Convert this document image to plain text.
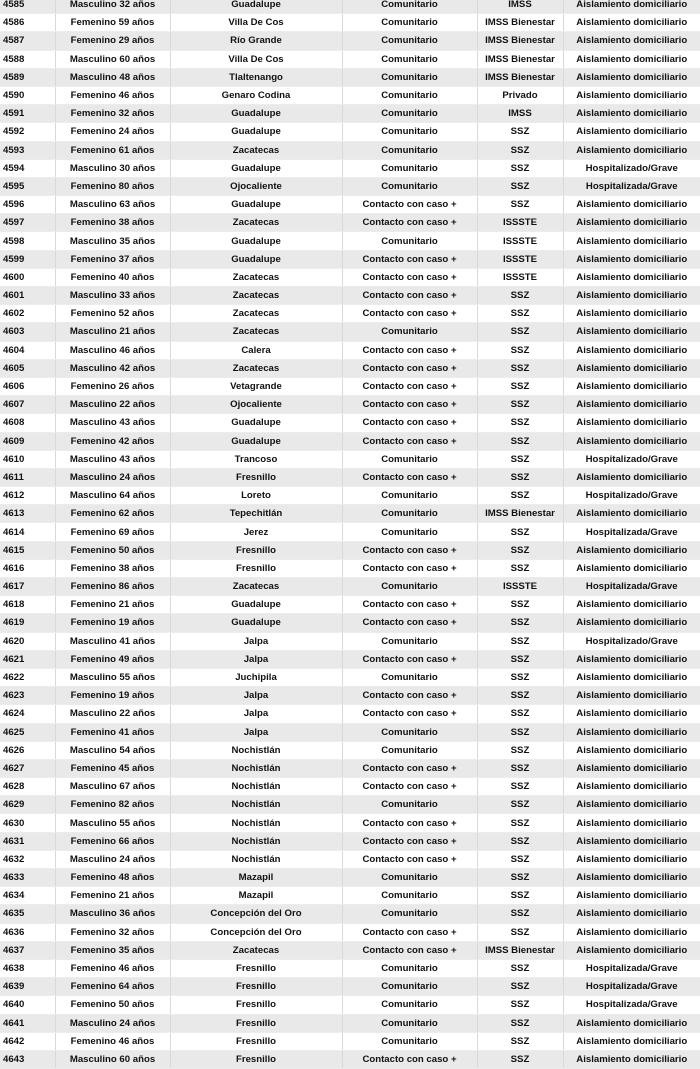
4585	Masculino 32 años	Guadalupe	Comunitario	IMSS	Aislamiento domiciliario
4586	Femenino 59 años	Villa De Cos	Comunitario	IMSS Bienestar	Aislamiento domiciliario
4587	Femenino 29 años	Río Grande	Comunitario	IMSS Bienestar	Aislamiento domiciliario
4588	Masculino 60 años	Villa De Cos	Comunitario	IMSS Bienestar	Aislamiento domiciliario
4589	Masculino 48 años	Tlaltenango	Comunitario	IMSS Bienestar	Aislamiento domiciliario
4590	Femenino 46 años	Genaro Codina	Comunitario	Privado	Aislamiento domiciliario
4591	Femenino 32 años	Guadalupe	Comunitario	IMSS	Aislamiento domiciliario
4592	Femenino 24 años	Guadalupe	Comunitario	SSZ	Aislamiento domiciliario
4593	Femenino 61 años	Zacatecas	Comunitario	SSZ	Aislamiento domiciliario
4594	Masculino 30 años	Guadalupe	Comunitario	SSZ	Hospitalizado/Grave
4595	Femenino 80 años	Ojocaliente	Comunitario	SSZ	Hospitalizada/Grave
4596	Masculino 63 años	Guadalupe	Contacto con caso +	SSZ	Aislamiento domiciliario
4597	Femenino 38 años	Zacatecas	Contacto con caso +	ISSSTE	Aislamiento domiciliario
4598	Masculino 35 años	Guadalupe	Comunitario	ISSSTE	Aislamiento domiciliario
4599	Femenino 37 años	Guadalupe	Contacto con caso +	ISSSTE	Aislamiento domiciliario
4600	Femenino 40 años	Zacatecas	Contacto con caso +	ISSSTE	Aislamiento domiciliario
4601	Masculino 33 años	Zacatecas	Contacto con caso +	SSZ	Aislamiento domiciliario
4602	Femenino 52 años	Zacatecas	Contacto con caso +	SSZ	Aislamiento domiciliario
4603	Masculino 21 años	Zacatecas	Comunitario	SSZ	Aislamiento domiciliario
4604	Masculino 46 años	Calera	Contacto con caso +	SSZ	Aislamiento domiciliario
4605	Masculino 42 años	Zacatecas	Contacto con caso +	SSZ	Aislamiento domiciliario
4606	Femenino 26 años	Vetagrande	Contacto con caso +	SSZ	Aislamiento domiciliario
4607	Masculino 22 años	Ojocaliente	Contacto con caso +	SSZ	Aislamiento domiciliario
4608	Masculino 43 años	Guadalupe	Contacto con caso +	SSZ	Aislamiento domiciliario
4609	Femenino 42 años	Guadalupe	Contacto con caso +	SSZ	Aislamiento domiciliario
4610	Masculino 43 años	Trancoso	Comunitario	SSZ	Hospitalizado/Grave
4611	Masculino 24 años	Fresnillo	Contacto con caso +	SSZ	Aislamiento domiciliario
4612	Masculino 64 años	Loreto	Comunitario	SSZ	Hospitalizado/Grave
4613	Femenino 62 años	Tepechitlán	Comunitario	IMSS Bienestar	Aislamiento domiciliario
4614	Femenino 69 años	Jerez	Comunitario	SSZ	Hospitalizada/Grave
4615	Femenino 50 años	Fresnillo	Contacto con caso +	SSZ	Aislamiento domiciliario
4616	Femenino 38 años	Fresnillo	Contacto con caso +	SSZ	Aislamiento domiciliario
4617	Femenino 86 años	Zacatecas	Comunitario	ISSSTE	Hospitalizada/Grave
4618	Femenino 21 años	Guadalupe	Contacto con caso +	SSZ	Aislamiento domiciliario
4619	Femenino 19 años	Guadalupe	Contacto con caso +	SSZ	Aislamiento domiciliario
4620	Masculino 41 años	Jalpa	Comunitario	SSZ	Hospitalizado/Grave
4621	Femenino 49 años	Jalpa	Contacto con caso +	SSZ	Aislamiento domiciliario
4622	Masculino 55 años	Juchipila	Comunitario	SSZ	Aislamiento domiciliario
4623	Femenino 19 años	Jalpa	Contacto con caso +	SSZ	Aislamiento domiciliario
4624	Masculino 22 años	Jalpa	Contacto con caso +	SSZ	Aislamiento domiciliario
4625	Femenino 41 años	Jalpa	Comunitario	SSZ	Aislamiento domiciliario
4626	Masculino 54 años	Nochistlán	Comunitario	SSZ	Aislamiento domiciliario
4627	Femenino 45 años	Nochistlán	Contacto con caso +	SSZ	Aislamiento domiciliario
4628	Masculino 67 años	Nochistlán	Contacto con caso +	SSZ	Aislamiento domiciliario
4629	Femenino 82 años	Nochistlán	Comunitario	SSZ	Aislamiento domiciliario
4630	Masculino 55 años	Nochistlán	Contacto con caso +	SSZ	Aislamiento domiciliario
4631	Femenino 66 años	Nochistlán	Contacto con caso +	SSZ	Aislamiento domiciliario
4632	Masculino 24 años	Nochistlán	Contacto con caso +	SSZ	Aislamiento domiciliario
4633	Femenino 48 años	Mazapil	Comunitario	SSZ	Aislamiento domiciliario
4634	Femenino 21 años	Mazapil	Comunitario	SSZ	Aislamiento domiciliario
4635	Masculino 36 años	Concepción del Oro	Comunitario	SSZ	Aislamiento domiciliario
4636	Femenino 32 años	Concepción del Oro	Contacto con caso +	SSZ	Aislamiento domiciliario
4637	Femenino 35 años	Zacatecas	Contacto con caso +	IMSS Bienestar	Aislamiento domiciliario
4638	Femenino 46 años	Fresnillo	Comunitario	SSZ	Hospitalizada/Grave
4639	Femenino 64 años	Fresnillo	Comunitario	SSZ	Hospitalizada/Grave
4640	Femenino 50 años	Fresnillo	Comunitario	SSZ	Hospitalizada/Grave
4641	Masculino 24 años	Fresnillo	Comunitario	SSZ	Aislamiento domiciliario
4642	Femenino 46 años	Fresnillo	Comunitario	SSZ	Aislamiento domiciliario
4643	Masculino 60 años	Fresnillo	Contacto con caso +	SSZ	Aislamiento domiciliario
